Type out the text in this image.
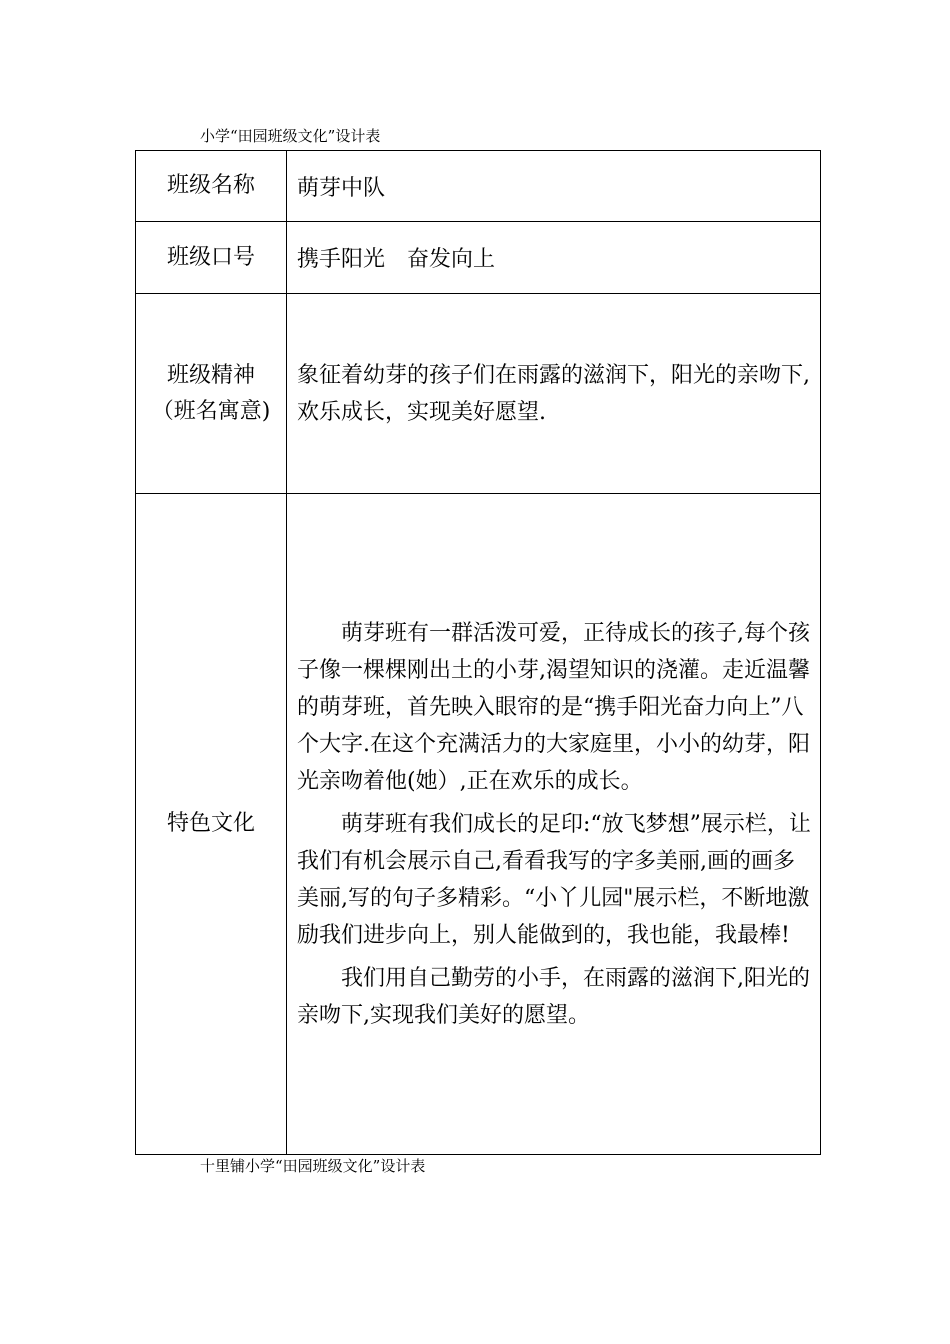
小学“田园班级文化”设计表
班级名称	萌芽中队
班级口号	携手阳光　奋发向上

班级精神
（班名寓意)	象征着幼芽的孩子们在雨露的滋润下，阳光的亲吻下,欢乐成长，实现美好愿望.
特色文化	萌芽班有一群活泼可爱，正待成长的孩子,每个孩子像一棵棵刚出土的小芽,渴望知识的浇灌。走近温馨的萌芽班，首先映入眼帘的是“携手阳光奋力向上”八个大字.在这个充满活力的大家庭里，小小的幼芽，阳光亲吻着他(她）,正在欢乐的成长。

萌芽班有我们成长的足印:“放飞梦想”展示栏，让我们有机会展示自己,看看我写的字多美丽,画的画多美丽,写的句子多精彩。“小丫儿园"展示栏，不断地激励我们进步向上，别人能做到的，我也能，我最棒!

我们用自己勤劳的小手，在雨露的滋润下,阳光的亲吻下,实现我们美好的愿望。

十里铺小学“田园班级文化”设计表
